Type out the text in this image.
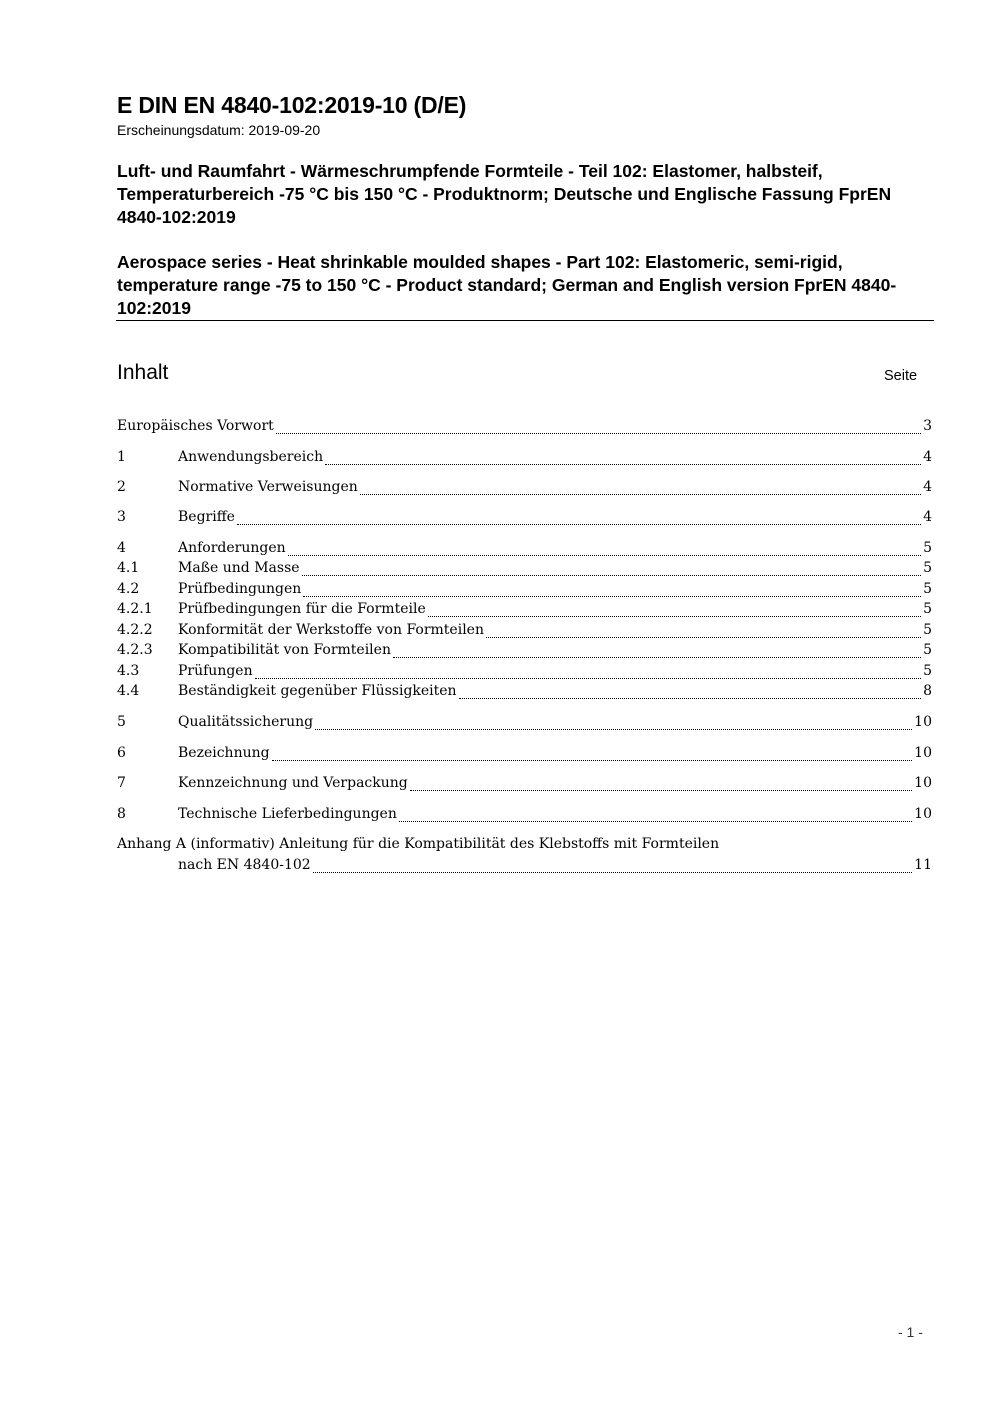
E DIN EN 4840-102:2019-10 (D/E)
Erscheinungsdatum: 2019-09-20
Luft- und Raumfahrt - Wärmeschrumpfende Formteile - Teil 102: Elastomer, halbsteif, Temperaturbereich -75 °C bis 150 °C - Produktnorm; Deutsche und Englische Fassung FprEN 4840-102:2019
Aerospace series - Heat shrinkable moulded shapes - Part 102: Elastomeric, semi-rigid, temperature range -75 to 150 °C - Product standard; German and English version FprEN 4840-102:2019
Inhalt	Seite
Europäisches Vorwort	3
1	Anwendungsbereich	4
2	Normative Verweisungen	4
3	Begriffe	4
4	Anforderungen	5
4.1	Maße und Masse	5
4.2	Prüfbedingungen	5
4.2.1	Prüfbedingungen für die Formteile	5
4.2.2	Konformität der Werkstoffe von Formteilen	5
4.2.3	Kompatibilität von Formteilen	5
4.3	Prüfungen	5
4.4	Beständigkeit gegenüber Flüssigkeiten	8
5	Qualitätssicherung	10
6	Bezeichnung	10
7	Kennzeichnung und Verpackung	10
8	Technische Lieferbedingungen	10
Anhang A (informativ) Anleitung für die Kompatibilität des Klebstoffs mit Formteilen
nach EN 4840-102	11
- 1 -
